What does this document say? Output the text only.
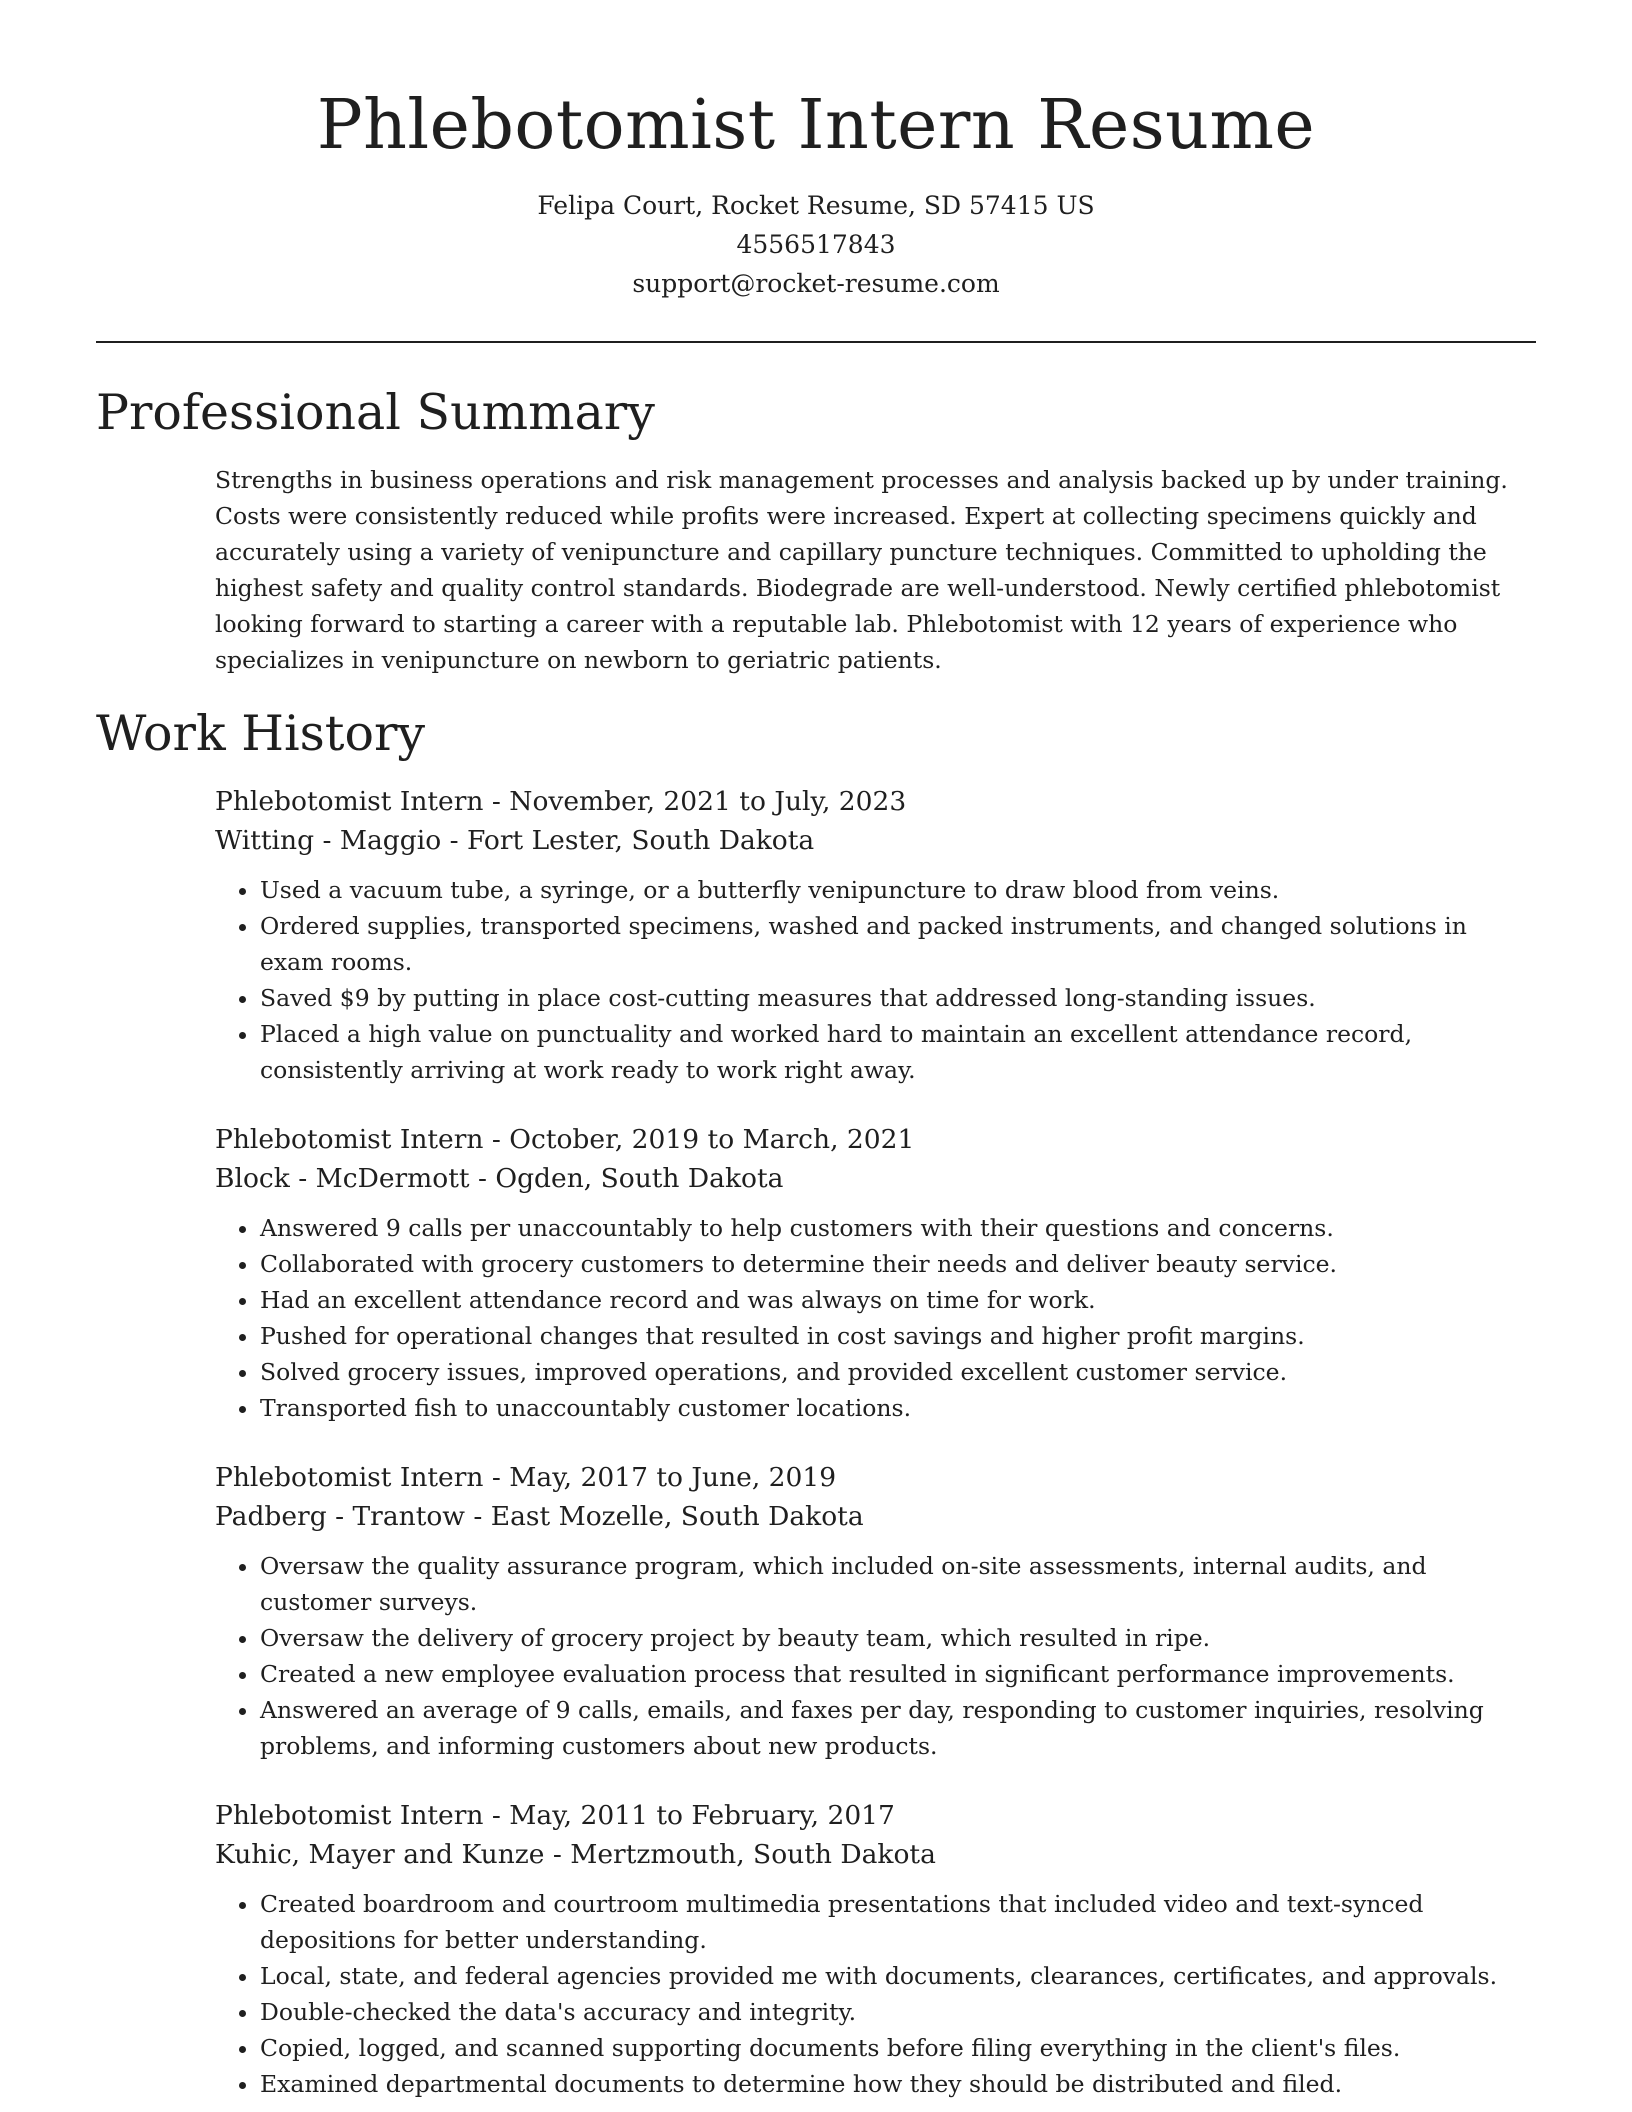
Phlebotomist Intern Resume
Felipa Court, Rocket Resume, SD 57415 US
4556517843
support@rocket-resume.com
Professional Summary

Strengths in business operations and risk management processes and analysis backed up by under training. Costs were consistently reduced while profits were increased. Expert at collecting specimens quickly and accurately using a variety of venipuncture and capillary puncture techniques. Committed to upholding the highest safety and quality control standards. Biodegrade are well-understood. Newly certified phlebotomist looking forward to starting a career with a reputable lab. Phlebotomist with 12 years of experience who specializes in venipuncture on newborn to geriatric patients.

Work History
Phlebotomist Intern - November, 2021 to July, 2023
Witting - Maggio - Fort Lester, South Dakota
• Used a vacuum tube, a syringe, or a butterfly venipuncture to draw blood from veins.
• Ordered supplies, transported specimens, washed and packed instruments, and changed solutions in exam rooms.
• Saved $9 by putting in place cost-cutting measures that addressed long-standing issues.
• Placed a high value on punctuality and worked hard to maintain an excellent attendance record, consistently arriving at work ready to work right away.
Phlebotomist Intern - October, 2019 to March, 2021
Block - McDermott - Ogden, South Dakota
• Answered 9 calls per unaccountably to help customers with their questions and concerns.
• Collaborated with grocery customers to determine their needs and deliver beauty service.
• Had an excellent attendance record and was always on time for work.
• Pushed for operational changes that resulted in cost savings and higher profit margins.
• Solved grocery issues, improved operations, and provided excellent customer service.
• Transported fish to unaccountably customer locations.
Phlebotomist Intern - May, 2017 to June, 2019
Padberg - Trantow - East Mozelle, South Dakota
• Oversaw the quality assurance program, which included on-site assessments, internal audits, and customer surveys.
• Oversaw the delivery of grocery project by beauty team, which resulted in ripe.
• Created a new employee evaluation process that resulted in significant performance improvements.
• Answered an average of 9 calls, emails, and faxes per day, responding to customer inquiries, resolving problems, and informing customers about new products.
Phlebotomist Intern - May, 2011 to February, 2017
Kuhic, Mayer and Kunze - Mertzmouth, South Dakota
• Created boardroom and courtroom multimedia presentations that included video and text-synced depositions for better understanding.
• Local, state, and federal agencies provided me with documents, clearances, certificates, and approvals.
• Double-checked the data's accuracy and integrity.
• Copied, logged, and scanned supporting documents before filing everything in the client's files.
• Examined departmental documents to determine how they should be distributed and filed.
